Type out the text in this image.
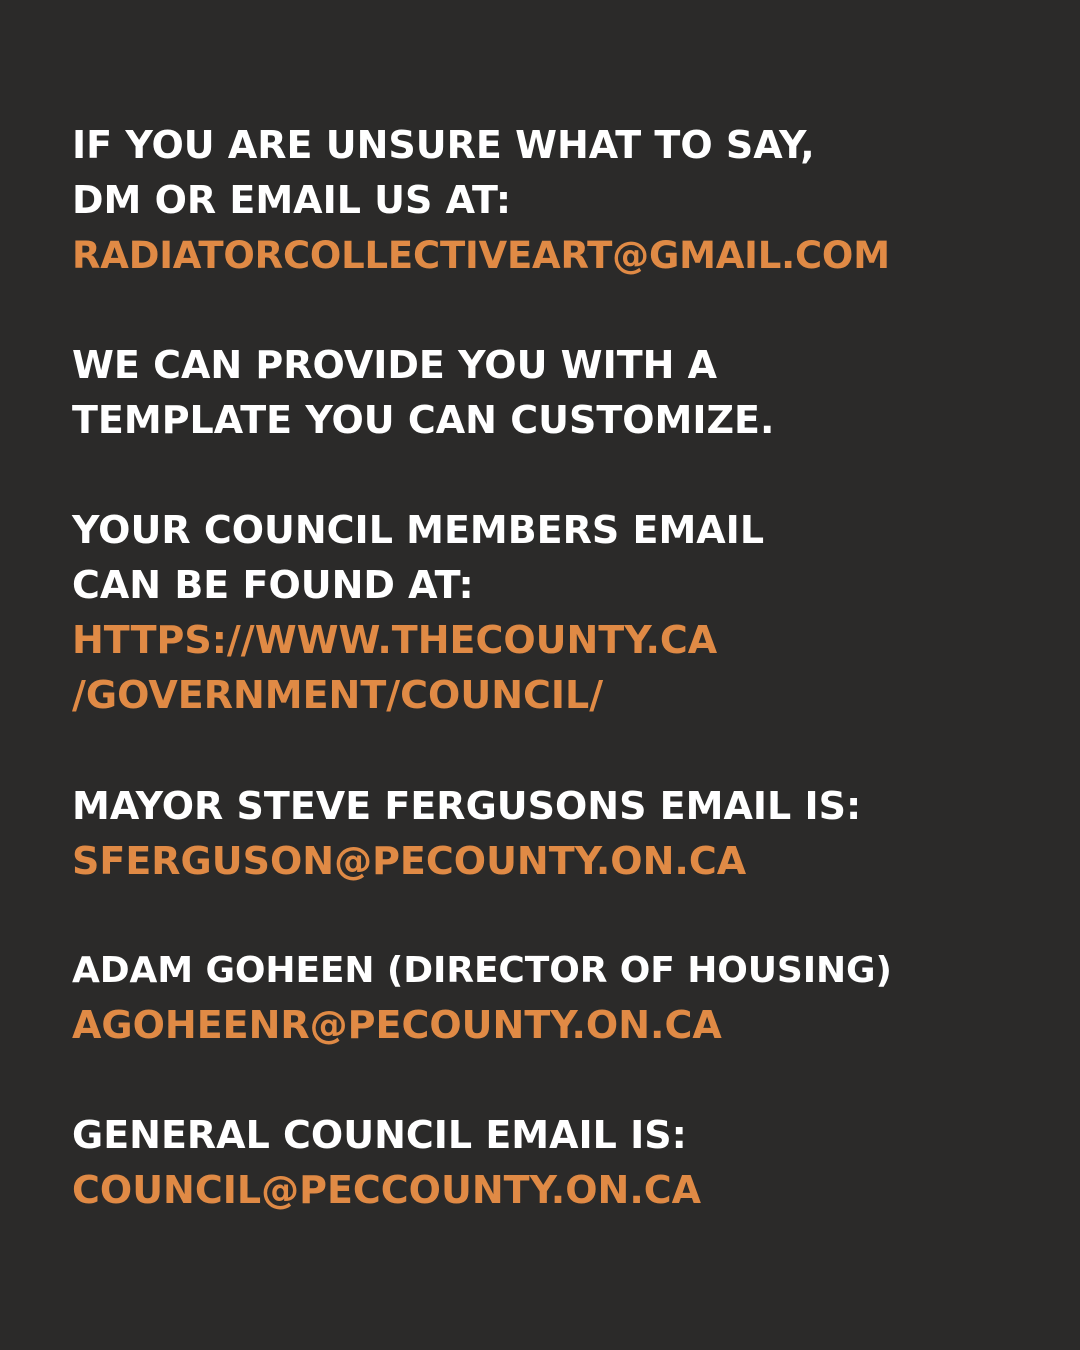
IF YOU ARE UNSURE WHAT TO SAY,

DM OR EMAIL US AT:

RADIATORCOLLECTIVEART@GMAIL.COM

WE CAN PROVIDE YOU WITH A

TEMPLATE YOU CAN CUSTOMIZE.

YOUR COUNCIL MEMBERS EMAIL

CAN BE FOUND AT:

HTTPS://WWW.THECOUNTY.CA

/GOVERNMENT/COUNCIL/

MAYOR STEVE FERGUSONS EMAIL IS:

SFERGUSON@PECOUNTY.ON.CA

ADAM GOHEEN (DIRECTOR OF HOUSING)

AGOHEENR@PECOUNTY.ON.CA

GENERAL COUNCIL EMAIL IS:

COUNCIL@PECCOUNTY.ON.CA
